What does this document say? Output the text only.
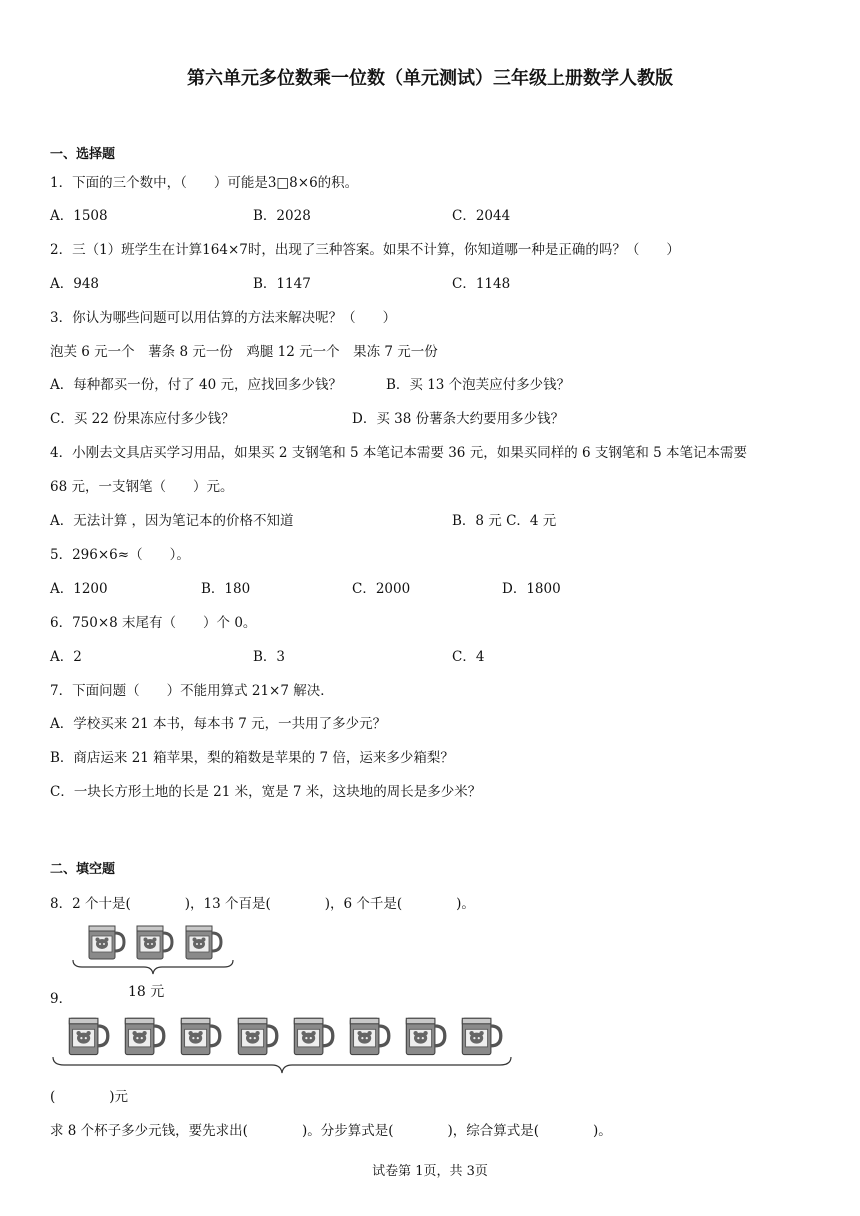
第六单元多位数乘一位数（单元测试）三年级上册数学人教版
一、选择题
1．下面的三个数中，（　　）可能是3□8×6的积。
A．1508	B．2028	C．2044
2．三（1）班学生在计算164×7时，出现了三种答案。如果不计算，你知道哪一种是正确的吗？（　　）
A．948	B．1147	C．1148
3．你认为哪些问题可以用估算的方法来解决呢？（　　）
泡芙 6 元一个　薯条 8 元一份　鸡腿 12 元一个　果冻 7 元一份
A．每种都买一份，付了 40 元，应找回多少钱？	B．买 13 个泡芙应付多少钱？
C．买 22 份果冻应付多少钱？	D．买 38 份薯条大约要用多少钱？
4．小刚去文具店买学习用品，如果买 2 支钢笔和 5 本笔记本需要 36 元，如果买同样的 6 支钢笔和 5 本笔记本需要
68 元，一支钢笔（　　）元。
A．无法计算 ，因为笔记本的价格不知道	B．8 元 C．4 元
5．296×6≈（　　）。
A．1200	B．180	C．2000	D．1800
6．750×8 末尾有（　　）个 0。
A．2	B．3	C．4
7．下面问题（　　）不能用算式 21×7 解决．
A．学校买来 21 本书，每本书 7 元，一共用了多少元？
B．商店运来 21 箱苹果，梨的箱数是苹果的 7 倍，运来多少箱梨？
C．一块长方形土地的长是 21 米，宽是 7 米，这块地的周长是多少米？
二、填空题
8．2 个十是(　　　　)，13 个百是(　　　　)，6 个千是(　　　　)。
18 元
9．
(　　　　)元
求 8 个杯子多少元钱，要先求出(　　　　)。分步算式是(　　　　)，综合算式是(　　　　)。
试卷第 1页，共 3页
